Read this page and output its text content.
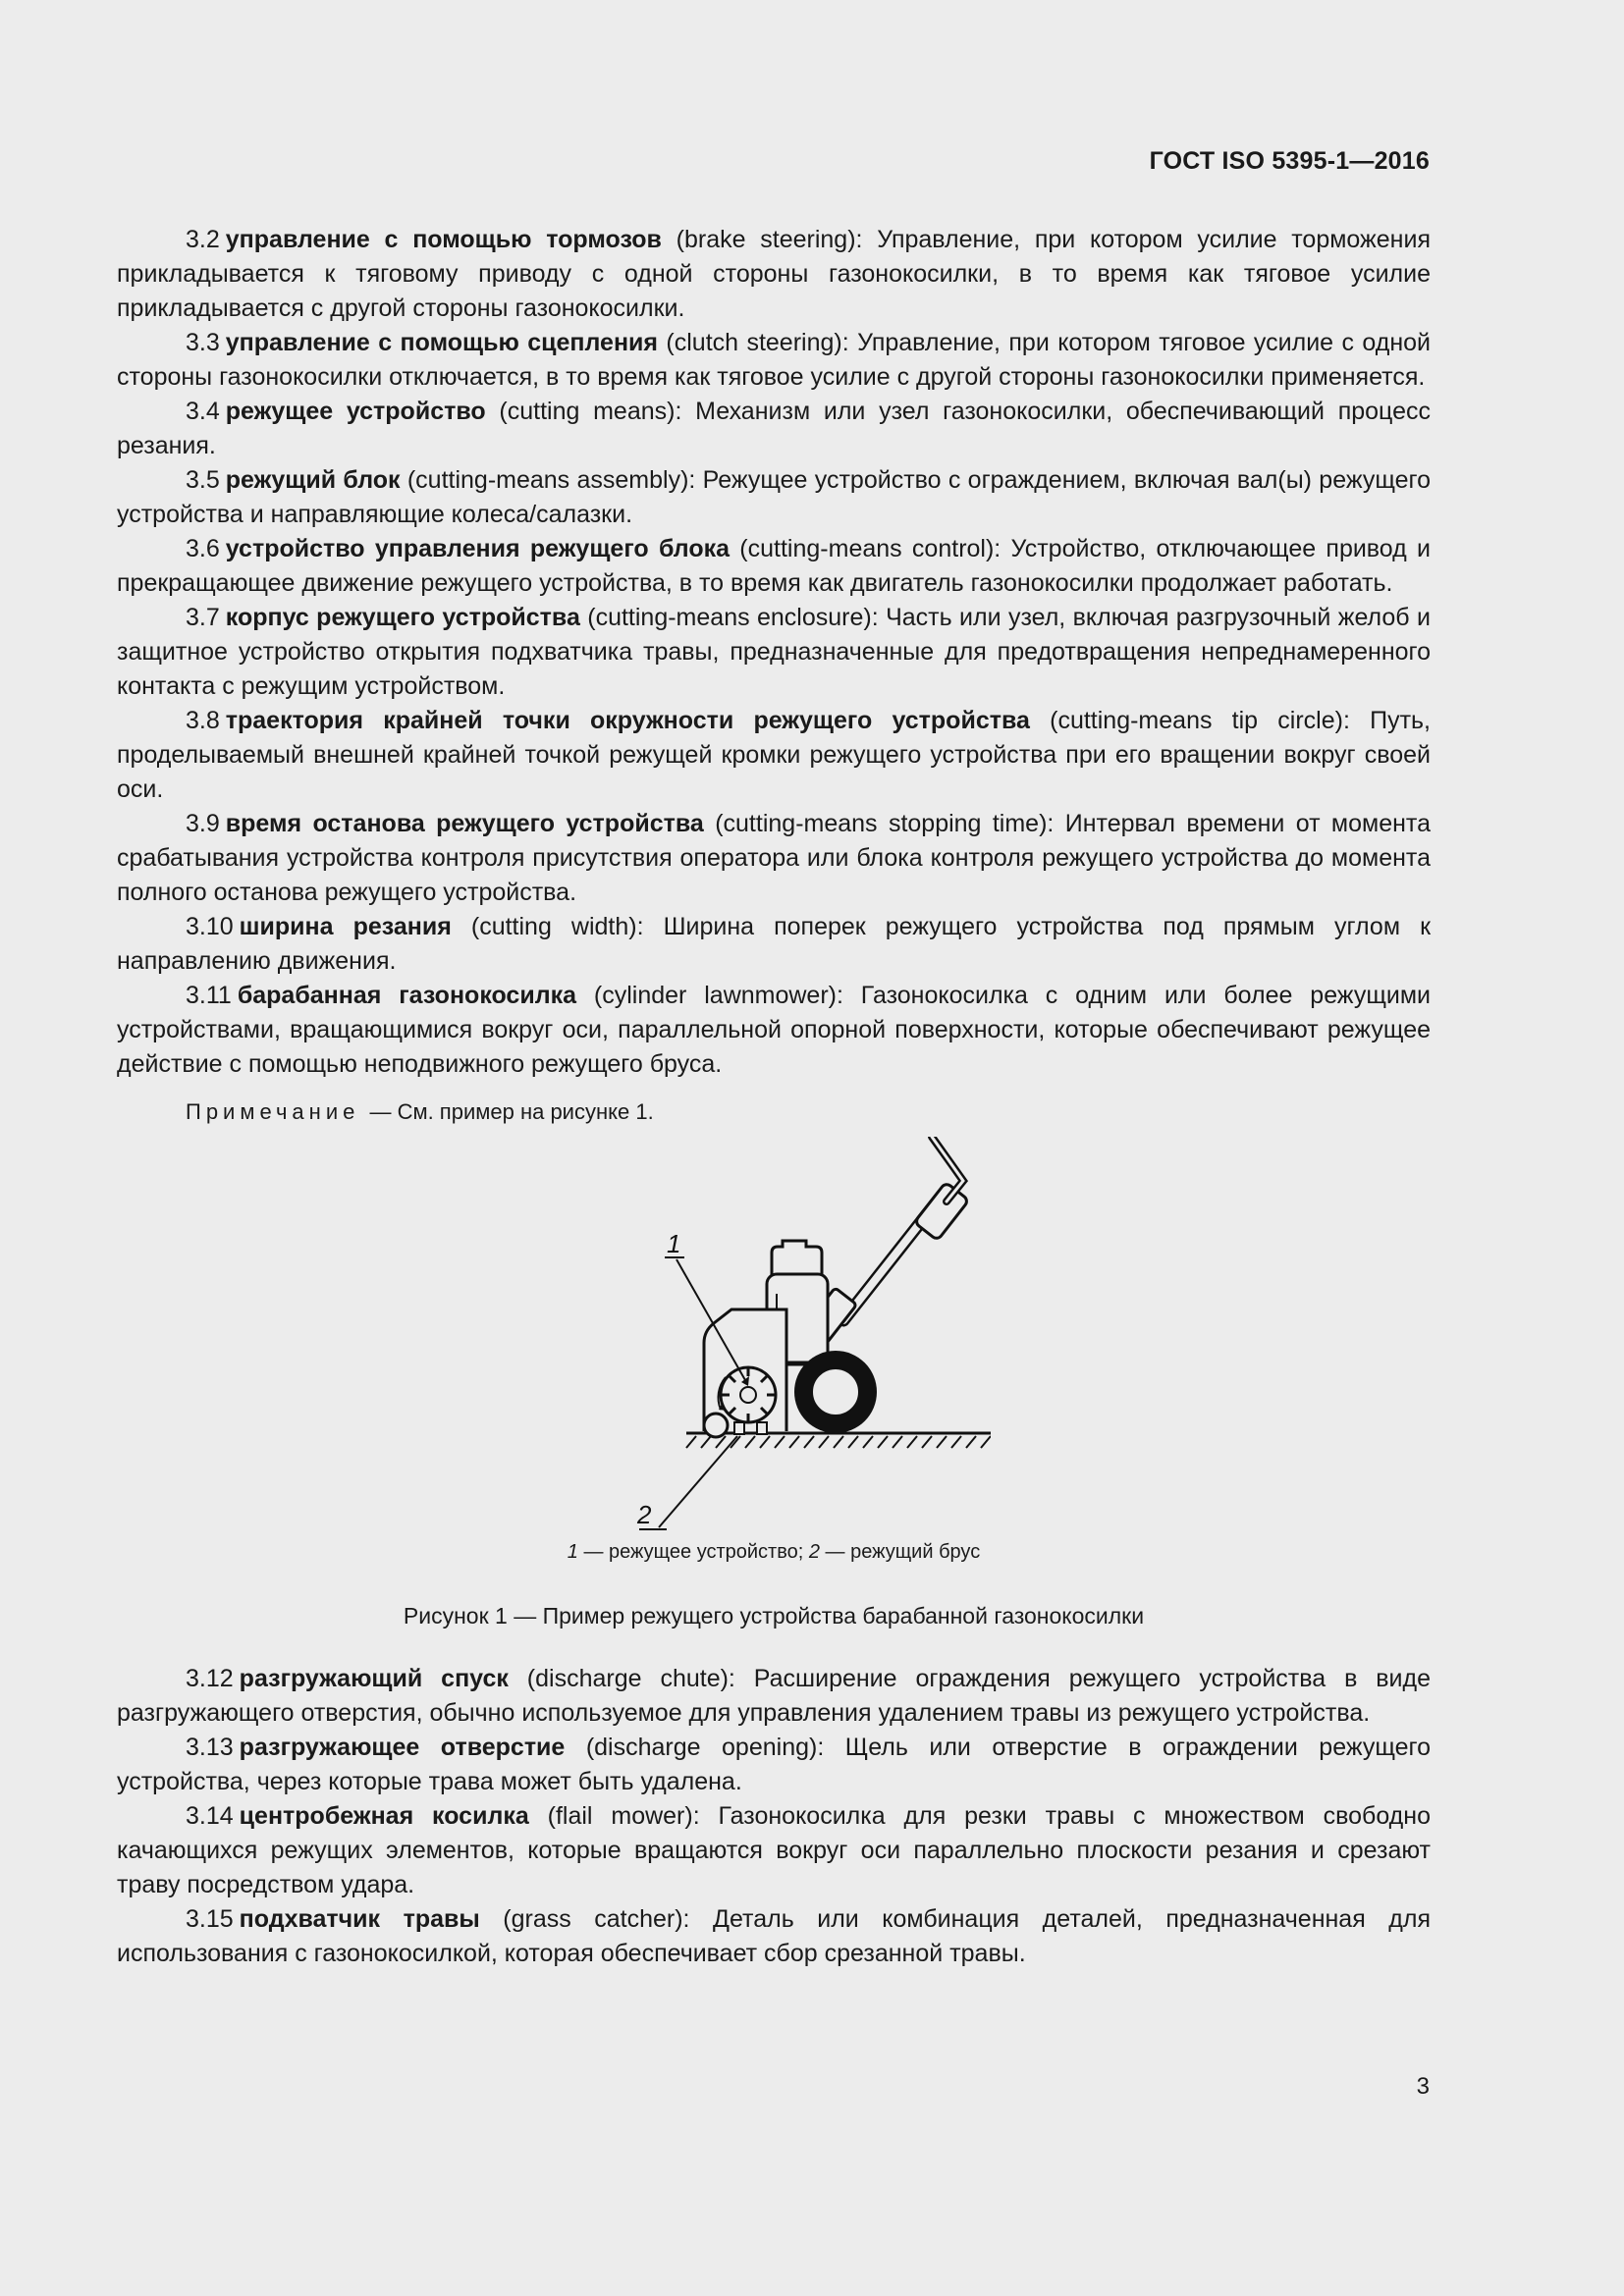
ГОСТ ISO 5395-1—2016

3.2 управление с помощью тормозов (brake steering): Управление, при котором усилие торможения прикладывается к тяговому приводу с одной стороны газонокосилки, в то время как тяговое усилие прикладывается с другой стороны газонокосилки.

3.3 управление с помощью сцепления (clutch steering): Управление, при котором тяговое усилие с одной стороны газонокосилки отключается, в то время как тяговое усилие с другой стороны газонокосилки применяется.

3.4 режущее устройство (cutting means): Механизм или узел газонокосилки, обеспечивающий процесс резания.

3.5 режущий блок (cutting-means assembly): Режущее устройство с ограждением, включая вал(ы) режущего устройства и направляющие колеса/салазки.

3.6 устройство управления режущего блока (cutting-means control): Устройство, отключающее привод и прекращающее движение режущего устройства, в то время как двигатель газонокосилки продолжает работать.

3.7 корпус режущего устройства (cutting-means enclosure): Часть или узел, включая разгрузочный желоб и защитное устройство открытия подхватчика травы, предназначенные для предотвращения непреднамеренного контакта с режущим устройством.

3.8 траектория крайней точки окружности режущего устройства (cutting-means tip circle): Путь, проделываемый внешней крайней точкой режущей кромки режущего устройства при его вращении вокруг своей оси.

3.9 время останова режущего устройства (cutting-means stopping time): Интервал времени от момента срабатывания устройства контроля присутствия оператора или блока контроля режущего устройства до момента полного останова режущего устройства.

3.10 ширина резания (cutting width): Ширина поперек режущего устройства под прямым углом к направлению движения.

3.11 барабанная газонокосилка (cylinder lawnmower): Газонокосилка с одним или более режущими устройствами, вращающимися вокруг оси, параллельной опорной поверхности, которые обеспечивают режущее действие с помощью неподвижного режущего бруса.

Примечание — См. пример на рисунке 1.

1
2
1 — режущее устройство; 2 — режущий брус

Рисунок 1 — Пример режущего устройства барабанной газонокосилки

3.12 разгружающий спуск (discharge chute): Расширение ограждения режущего устройства в виде разгружающего отверстия, обычно используемое для управления удалением травы из режущего устройства.

3.13 разгружающее отверстие (discharge opening): Щель или отверстие в ограждении режущего устройства, через которые трава может быть удалена.

3.14 центробежная косилка (flail mower): Газонокосилка для резки травы с множеством свободно качающихся режущих элементов, которые вращаются вокруг оси параллельно плоскости резания и срезают траву посредством удара.

3.15 подхватчик травы (grass catcher): Деталь или комбинация деталей, предназначенная для использования с газонокосилкой, которая обеспечивает сбор срезанной травы.

3
